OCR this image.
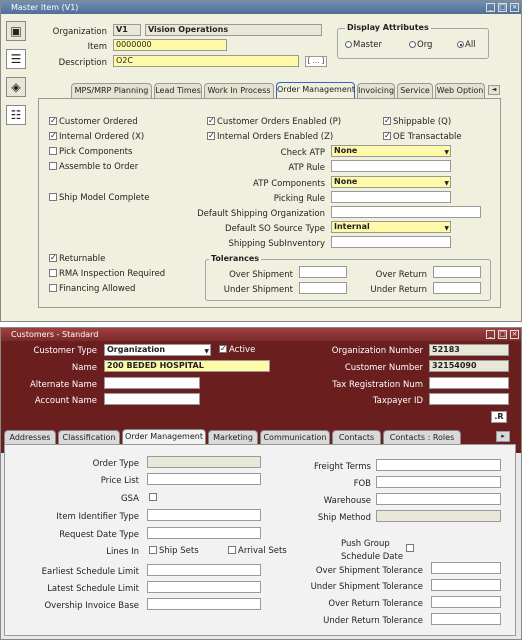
Master Item (V1)	_ □ ×
▣
☰
◈
☷
Organization	V1	Vision Operations
Item	0000000
Description	O2C	[ ... ]
Display Attributes
Master	Org	All
MPS/MRP Planning Lead Times Work In Process Order Management Invoicing Service Web Option	◄
✓ Customer Ordered
✓ Internal Ordered (X)
Pick Components
Assemble to Order
Ship Model Complete
✓ Returnable
RMA Inspection Required
Financing Allowed
✓ Customer Orders Enabled (P)
✓ Internal Orders Enabled (Z)
✓ Shippable (Q)
✓ OE Transactable
Check ATP	None	▼
ATP Rule
ATP Components	None	▼
Picking Rule
Default Shipping Organization
Default SO Source Type	Internal	▼
Shipping SubInventory
Tolerances
Over Shipment
Under Shipment
Over Return
Under Return
Customers - Standard	_ □ ×
Customer Type	Organization	▼ ✓ Active
Name	200 BEDED HOSPITAL
Alternate Name
Account Name
Organization Number	52183
Customer Number	32154090
Tax Registration Num
Taxpayer ID
.R
Addresses	Classification	Order Management	Marketing	Communication	Contacts	Contacts : Roles	▸
Order Type
Price List
GSA
Item Identifier Type
Request Date Type
Lines In Ship Sets	Arrival Sets
Earliest Schedule Limit
Latest Schedule Limit
Overship Invoice Base
Freight Terms
FOB
Warehouse
Ship Method
Push Group
Schedule Date
Over Shipment Tolerance
Under Shipment Tolerance
Over Return Tolerance
Under Return Tolerance
